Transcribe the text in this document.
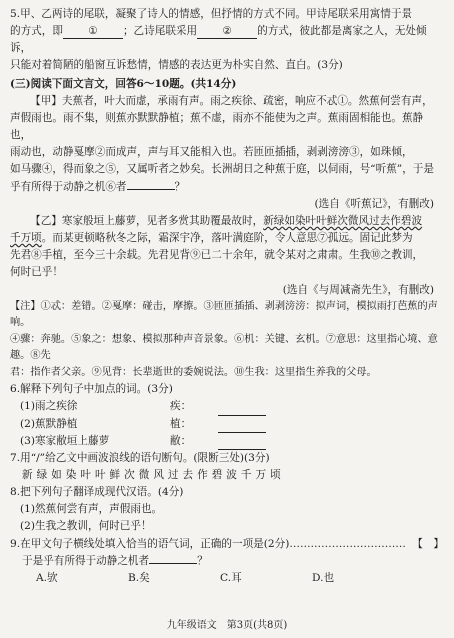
5.甲、乙两诗的尾联，凝聚了诗人的情感，但抒情的方式不同。甲诗尾联采用寓情于景

的方式，即 ① ；乙诗尾联采用 ② 的方式，彼此都是离家之人，无处倾诉，

只能对着简陋的船窗互诉愁情，情感的表达更为朴实自然、直白。(3分)

(三)阅读下面文言文，回答6～10题。(共14分)

【甲】夫蕉者，叶大而虚，承雨有声。雨之疾徐、疏密，响应不忒①。然蕉何尝有声，

声假雨也。雨不集，则蕉亦默默静植；蕉不虚，雨亦不能使为之声。蕉雨固相能也。蕉静也，

雨动也，动静戛摩②而成声，声与耳又能相入也。若匝匝插插，剥剥滂滂③，如珠倾，

如马骤④，得而象之⑤，又属听者之妙矣。长洲胡日之种蕉于庭，以伺雨，号“听蕉”，于是

乎有所得于动静之机⑥者	？

(选自《听蕉记》，有删改)

【乙】寒家般垣上藤萝，见者多赏其助覆最故时，新绿如染叶叶鲜次微风过去作碧波

千万顷。而某更顿略秋冬之际，霜深宇净，落叶满庭阶，令人意思⑦孤远。固记此梦为

先君⑧手植，至今三十余载。先君见背⑨已二十余年，就令某对之肃肃。生我⑩之教训，

何时已乎！

(选自《与周减斋先生》，有删改)

【注】①忒：差错。②戛摩：碰击，摩擦。③匝匝插插、剥剥滂滂：拟声词，模拟雨打芭蕉的声响。

④骤：奔驰。⑤象之：想象、模拟那种声音景象。⑥机：关键、玄机。⑦意思：这里指心境、意趣。⑧先

君：指作者父亲。⑨见背：长辈逝世的委婉说法。⑩生我：这里指生养我的父母。

6.解释下列句子中加点的词。(3分)

(1)雨之疾徐	疾：
(2)蕉默静植	植：
(3)寒家敝垣上藤萝	敝：

7.用“/”给乙文中画波浪线的语句断句。(限断三处)(3分)

新绿如染叶叶鲜次微风过去作碧波千万顷

8.把下列句子翻译成现代汉语。(4分)

(1)然蕉何尝有声，声假雨也。

(2)生我之教训，何时已乎！

9.在甲文句子横线处填入恰当的语气词，正确的一项是(2分)…………………………… 【　】

于是乎有所得于动静之机者	？

A.欤	B.矣	C.耳	D.也
九年级语文　第3页(共8页)
